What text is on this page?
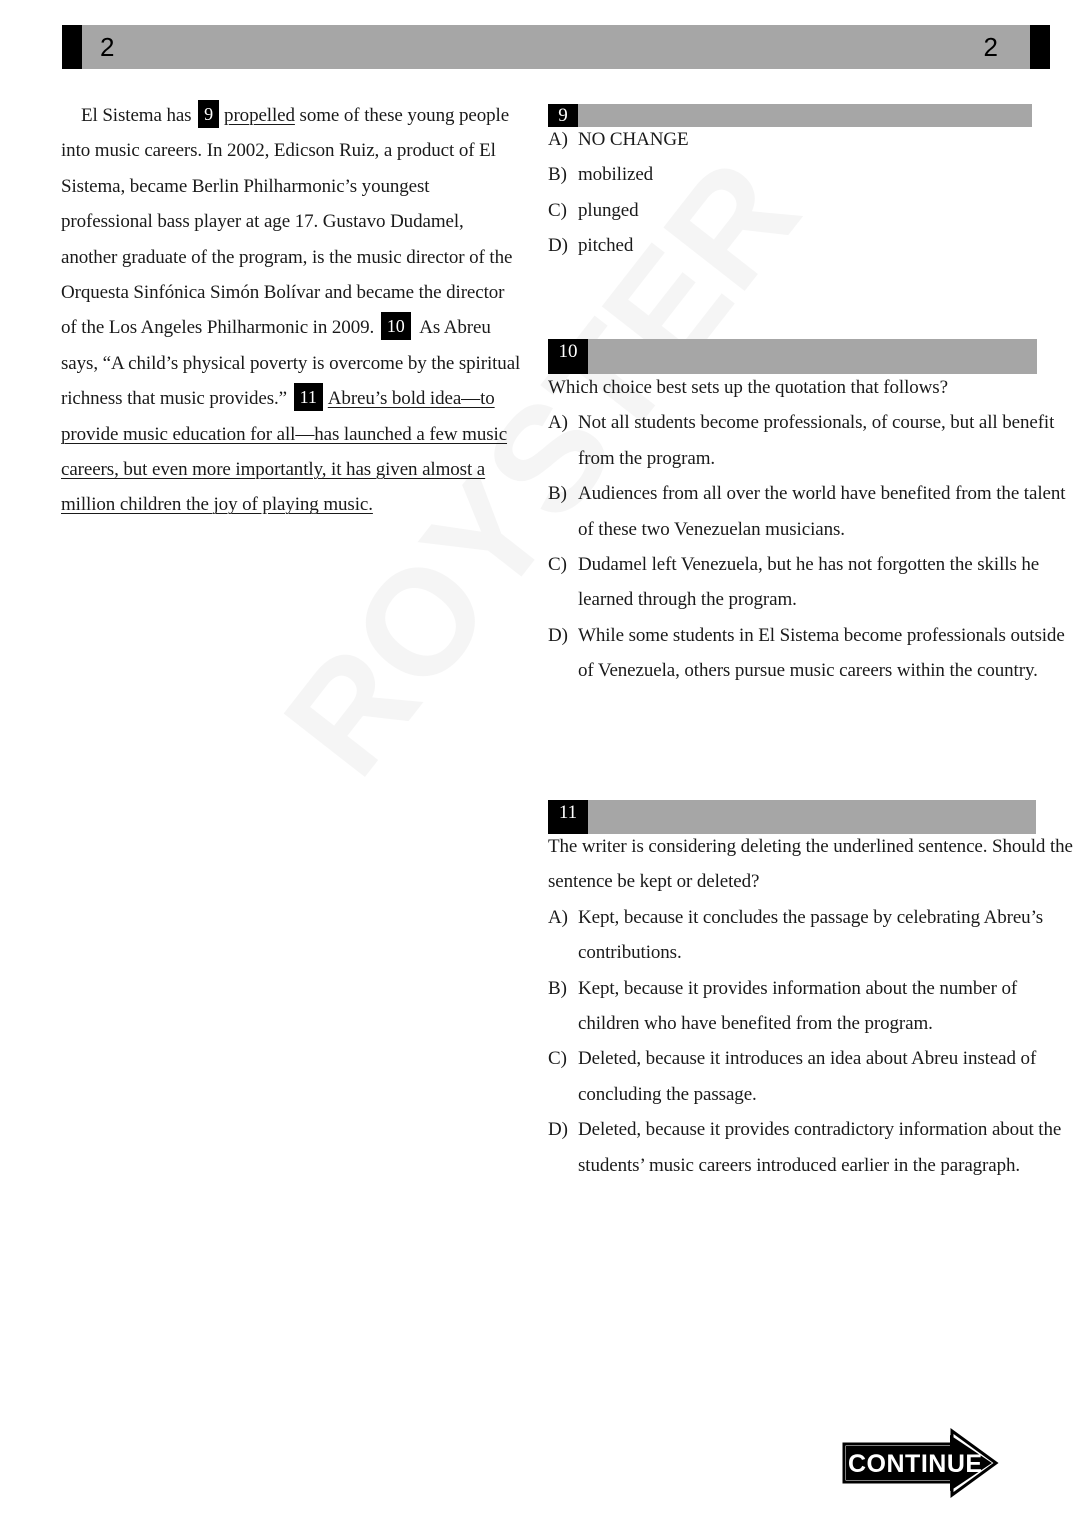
2	2

El Sistema has 9 propelled some of these young people into music careers. In 2002, Edicson Ruiz, a product of El Sistema, became Berlin Philharmonic’s youngest professional bass player at age 17. Gustavo Dudamel, another graduate of the program, is the music director of the Orquesta Sinfónica Simón Bolívar and became the director of the Los Angeles Philharmonic in 2009. 10 As Abreu says, “A child’s physical poverty is overcome by the spiritual richness that music provides.” 11 Abreu’s bold idea—to provide music education for all—has launched a few music careers, but even more importantly, it has given almost a million children the joy of playing music.

9
A) NO CHANGE
B) mobilized
C) plunged
D) pitched
10

Which choice best sets up the quotation that follows?

A) Not all students become professionals, of course, but all benefit from the program.
B) Audiences from all over the world have benefited from the talent of these two Venezuelan musicians.
C) Dudamel left Venezuela, but he has not forgotten the skills he learned through the program.
D) While some students in El Sistema become professionals outside of Venezuela, others pursue music careers within the country.
11

The writer is considering deleting the underlined sentence. Should the sentence be kept or deleted?

A) Kept, because it concludes the passage by celebrating Abreu’s contributions.
B) Kept, because it provides information about the number of children who have benefited from the program.
C) Deleted, because it introduces an idea about Abreu instead of concluding the passage.
D) Deleted, because it provides contradictory information about the students’ music careers introduced earlier in the paragraph.
CONTINUE
